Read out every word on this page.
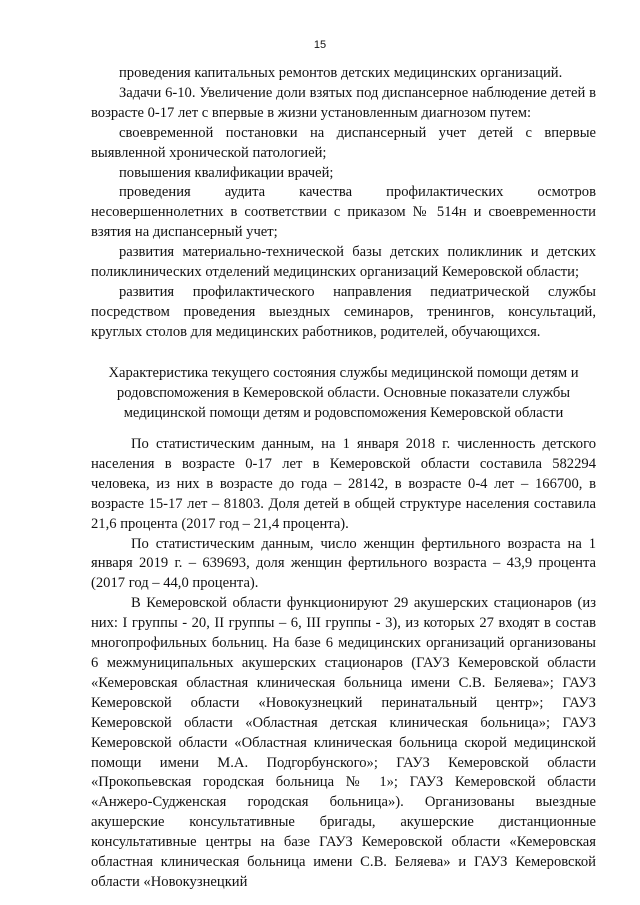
15

проведения капитальных ремонтов детских медицинских организаций.

Задачи 6-10. Увеличение доли взятых под диспансерное наблюдение детей в возрасте 0-17 лет с впервые в жизни установленным диагнозом путем:

своевременной постановки на диспансерный учет детей с впервые выявленной хронической патологией;

повышения квалификации врачей;

проведения аудита качества профилактических осмотров несовершеннолетних в соответствии с приказом № 514н и своевременности взятия на диспансерный учет;

развития материально-технической базы детских поликлиник и детских поликлинических отделений медицинских организаций Кемеровской области;

развития профилактического направления педиатрической службы посредством проведения выездных семинаров, тренингов, консультаций, круглых столов для медицинских работников, родителей, обучающихся.

Характеристика текущего состояния службы медицинской помощи детям и
родовспоможения в Кемеровской области. Основные показатели службы
медицинской помощи детям и родовспоможения Кемеровской области

По статистическим данным, на 1 января 2018 г. численность детского населения в возрасте 0-17 лет в Кемеровской области составила 582294 человека, из них в возрасте до года – 28142, в возрасте 0-4 лет – 166700, в возрасте 15-17 лет – 81803. Доля детей в общей структуре населения составила 21,6 процента (2017 год – 21,4 процента).

По статистическим данным, число женщин фертильного возраста на 1 января 2019 г. – 639693, доля женщин фертильного возраста – 43,9 процента (2017 год – 44,0 процента).

В Кемеровской области функционируют 29 акушерских стационаров (из них: I группы - 20, II группы – 6, III группы - 3), из которых 27 входят в состав многопрофильных больниц. На базе 6 медицинских организаций организованы 6 межмуниципальных акушерских стационаров (ГАУЗ Кемеровской области «Кемеровская областная клиническая больница имени С.В. Беляева»; ГАУЗ Кемеровской области «Новокузнецкий перинатальный центр»; ГАУЗ Кемеровской области «Областная детская клиническая больница»; ГАУЗ Кемеровской области «Областная клиническая больница скорой медицинской помощи имени М.А. Подгорбунского»; ГАУЗ Кемеровской области «Прокопьевская городская больница № 1»; ГАУЗ Кемеровской области «Анжеро-Судженская городская больница»). Организованы выездные акушерские консультативные бригады, акушерские дистанционные консультативные центры на базе ГАУЗ Кемеровской области «Кемеровская областная клиническая больница имени С.В. Беляева» и ГАУЗ Кемеровской области «Новокузнецкий
